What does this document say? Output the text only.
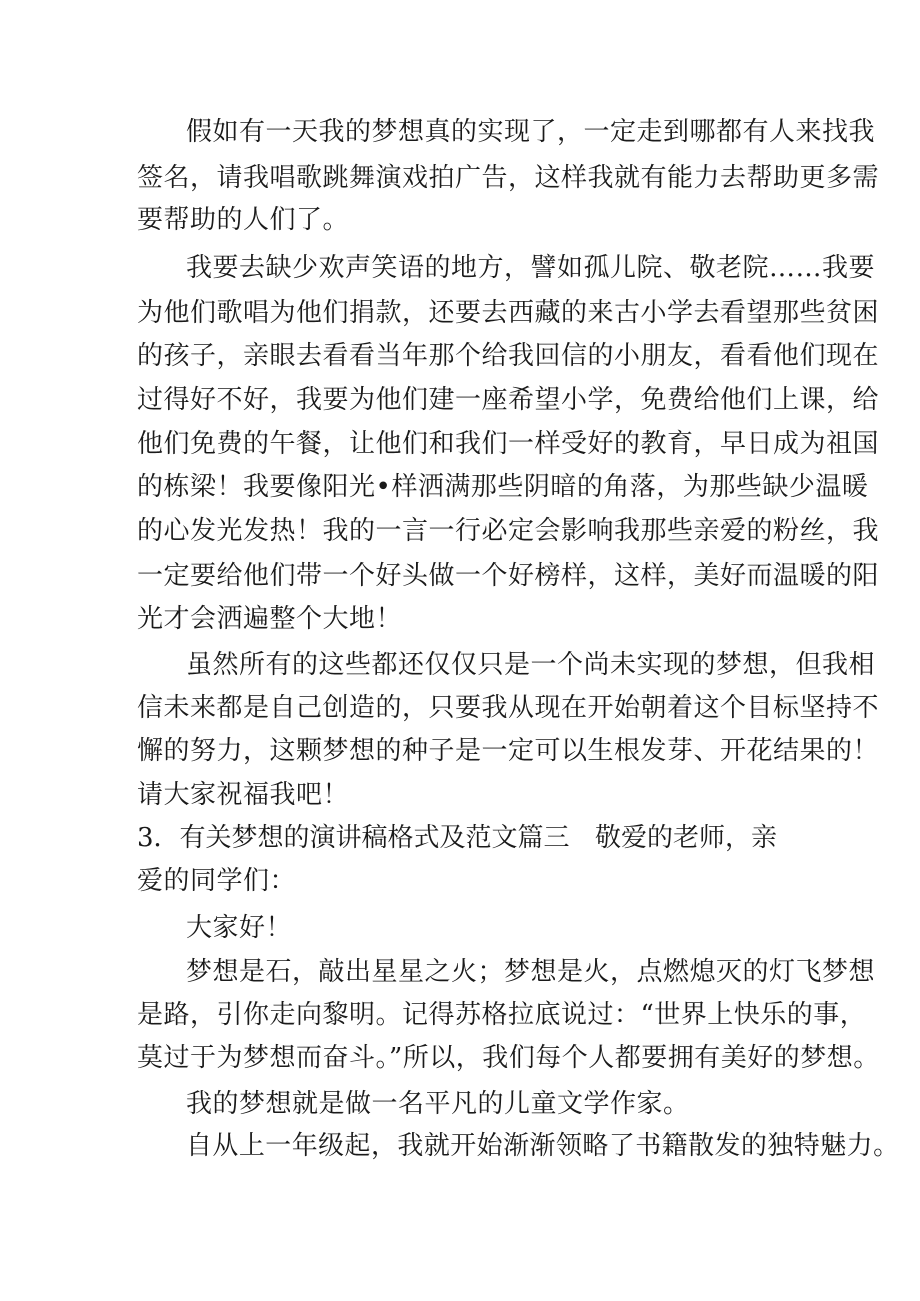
假如有一天我的梦想真的实现了，一定走到哪都有人来找我
签名，请我唱歌跳舞演戏拍广告，这样我就有能力去帮助更多需
要帮助的人们了。
我要去缺少欢声笑语的地方，譬如孤儿院、敬老院……我要
为他们歌唱为他们捐款，还要去西藏的来古小学去看望那些贫困
的孩子，亲眼去看看当年那个给我回信的小朋友，看看他们现在
过得好不好，我要为他们建一座希望小学，免费给他们上课，给
他们免费的午餐，让他们和我们一样受好的教育，早日成为祖国
的栋梁！我要像阳光•样洒满那些阴暗的角落，为那些缺少温暖
的心发光发热！我的一言一行必定会影响我那些亲爱的粉丝，我
一定要给他们带一个好头做一个好榜样，这样，美好而温暖的阳
光才会洒遍整个大地！
虽然所有的这些都还仅仅只是一个尚未实现的梦想，但我相
信未来都是自己创造的，只要我从现在开始朝着这个目标坚持不
懈的努力，这颗梦想的种子是一定可以生根发芽、开花结果的！
请大家祝福我吧！
3．有关梦想的演讲稿格式及范文篇三 敬爱的老师，亲
爱的同学们：
大家好！
梦想是石，敲出星星之火；梦想是火，点燃熄灭的灯飞梦想
是路，引你走向黎明。记得苏格拉底说过：“世界上快乐的事，
莫过于为梦想而奋斗。”所以，我们每个人都要拥有美好的梦想。
我的梦想就是做一名平凡的儿童文学作家。
自从上一年级起，我就开始渐渐领略了书籍散发的独特魅力。
